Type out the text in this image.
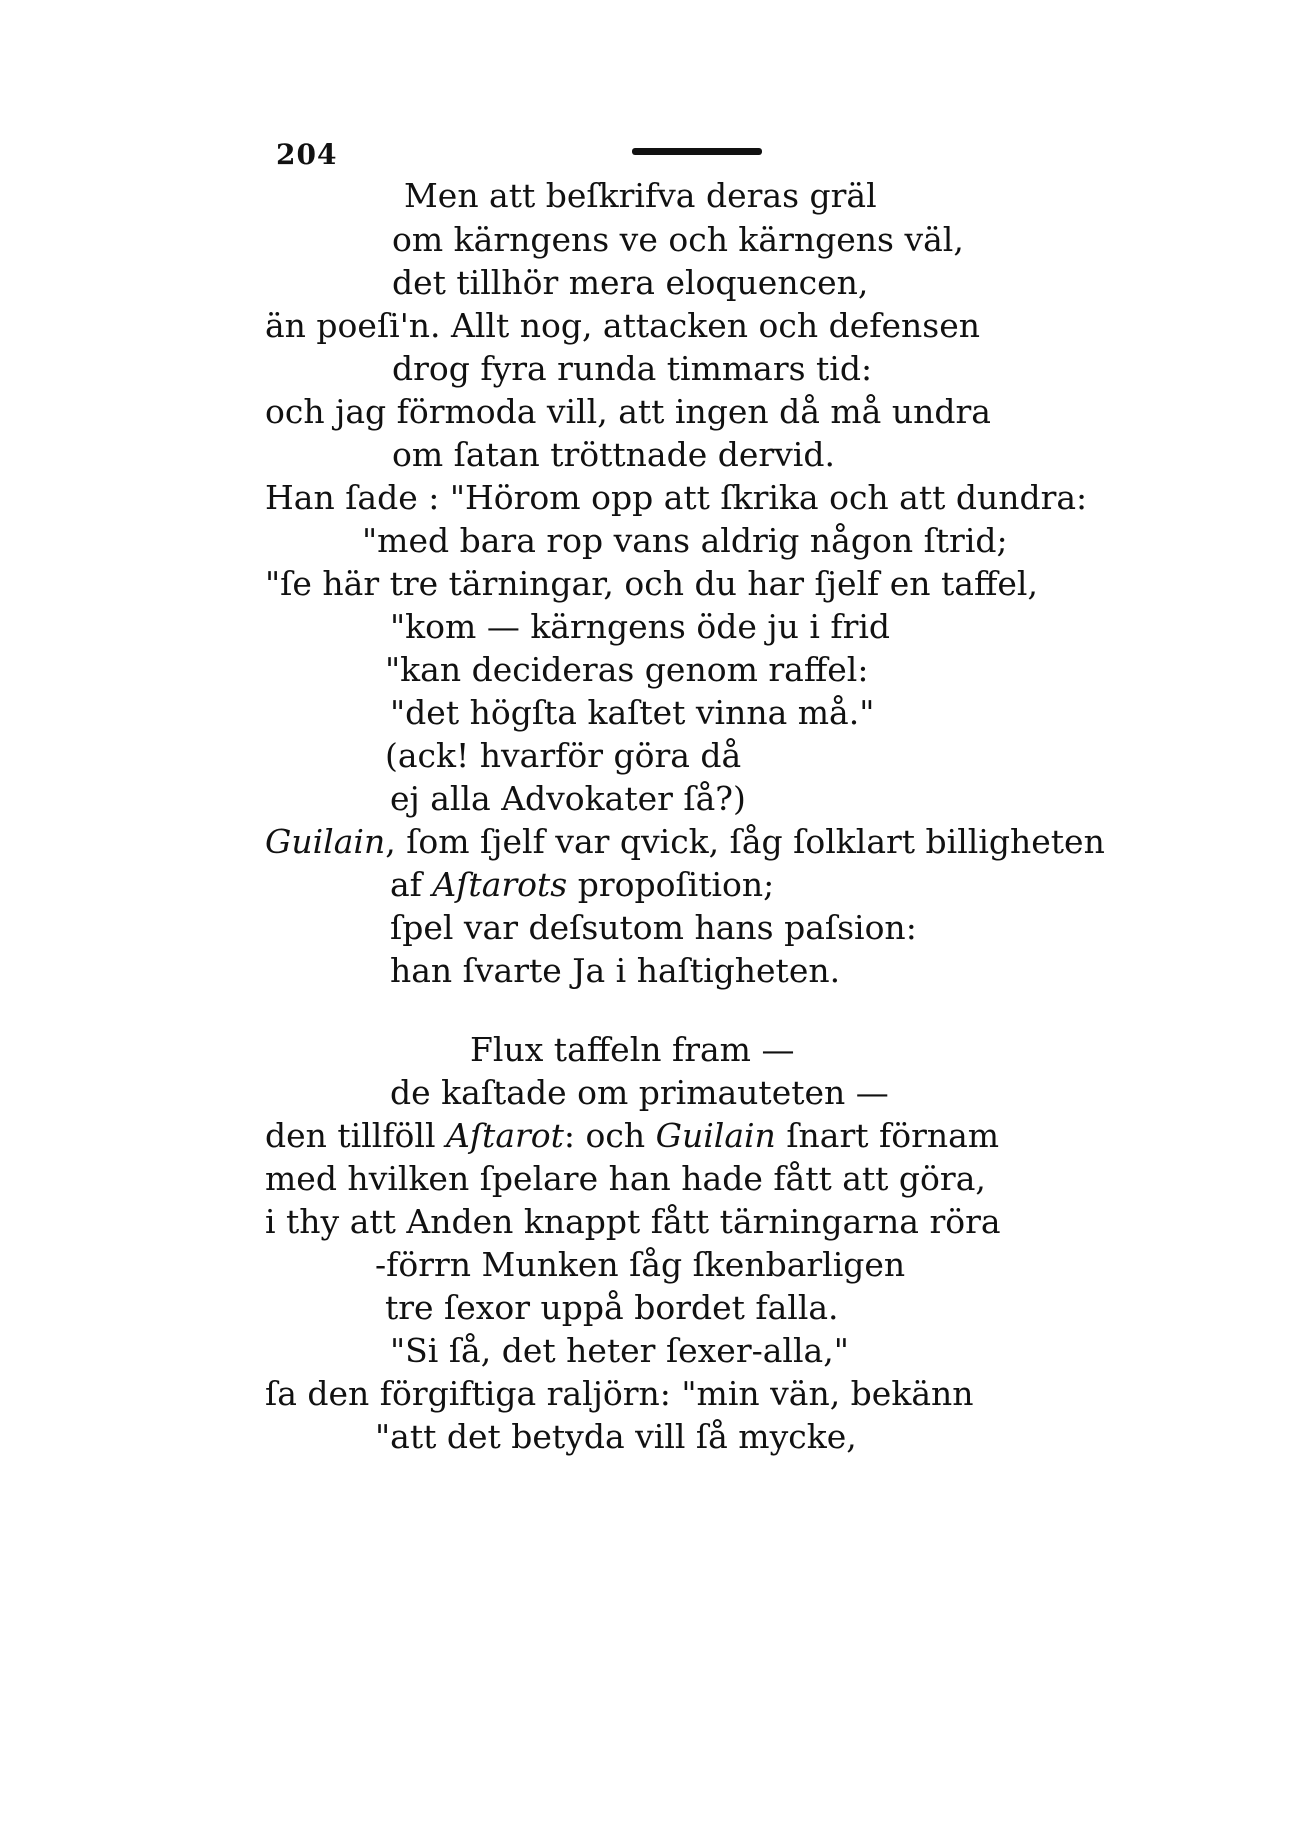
204
Men att beſkrifva deras gräl
om kärngens ve och kärngens väl,
det tillhör mera eloquencen,
än poeſi'n. Allt nog, attacken och defensen
drog fyra runda timmars tid:
och jag förmoda vill, att ingen då må undra
om ſatan tröttnade dervid.
Han ſade : "Hörom opp att ſkrika och att dundra:
"med bara rop vans aldrig någon ſtrid;
"ſe här tre tärningar, och du har ſjelf en taffel,
"kom — kärngens öde ju i frid
"kan decideras genom raffel:
"det högſta kaſtet vinna må."
(ack! hvarför göra då
ej alla Advokater ſå?)
Guilain, ſom ſjelf var qvick, ſåg ſolklart billigheten
af Aſtarots propoſition;
ſpel var deſsutom hans paſsion:
han ſvarte Ja i haſtigheten.
Flux taffeln fram —
de kaſtade om primauteten —
den tillföll Aſtarot: och Guilain ſnart förnam
med hvilken ſpelare han hade fått att göra,
i thy att Anden knappt fått tärningarna röra
-förrn Munken ſåg ſkenbarligen
tre ſexor uppå bordet falla.
"Si ſå, det heter ſexer-alla,"
ſa den förgiftiga raljörn: "min vän, bekänn
"att det betyda vill ſå mycke,
